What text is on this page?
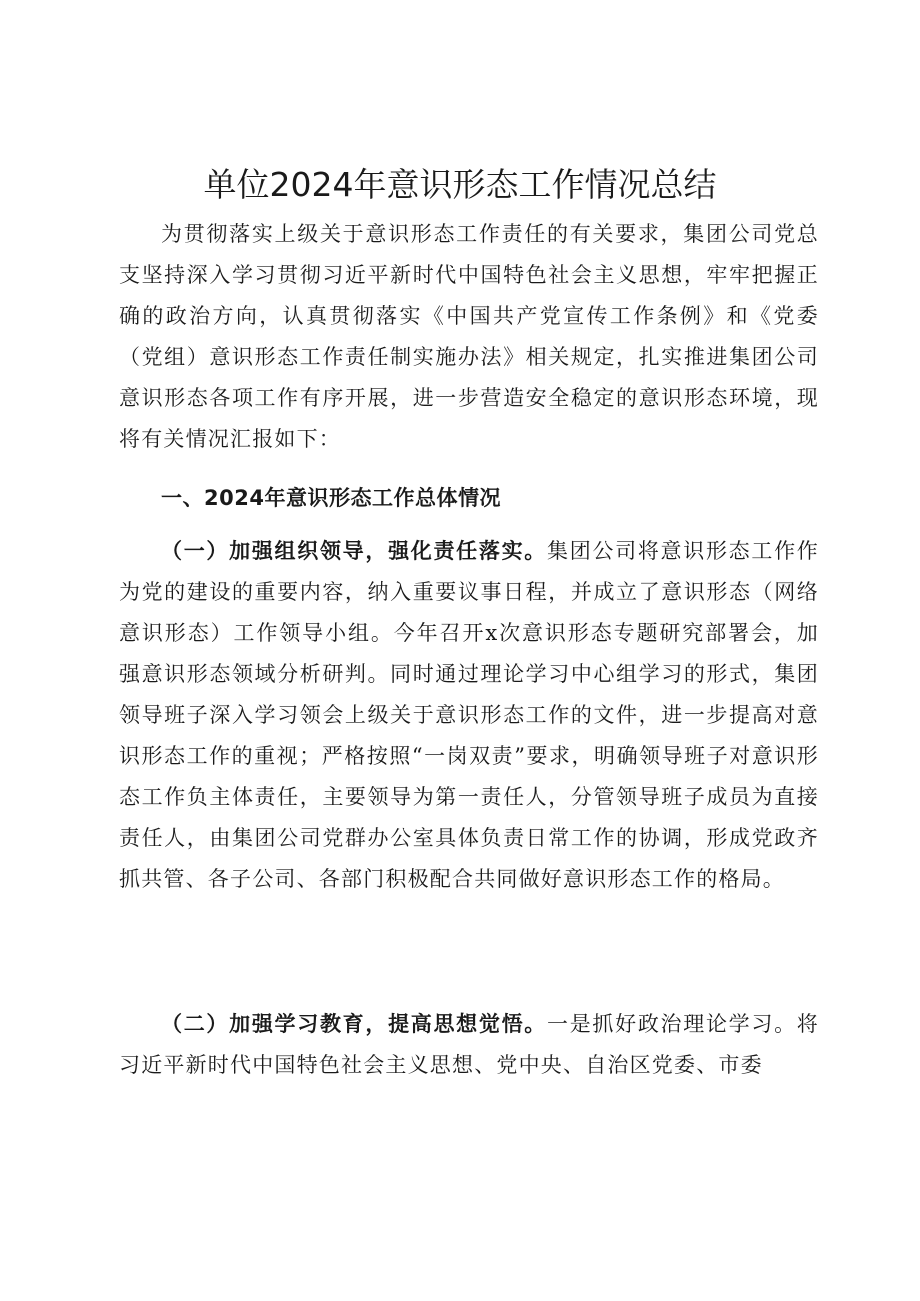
单位2024年意识形态工作情况总结

为贯彻落实上级关于意识形态工作责任的有关要求，集团公司党总支坚持深入学习贯彻习近平新时代中国特色社会主义思想，牢牢把握正确的政治方向，认真贯彻落实《中国共产党宣传工作条例》和《党委（党组）意识形态工作责任制实施办法》相关规定，扎实推进集团公司意识形态各项工作有序开展，进一步营造安全稳定的意识形态环境，现将有关情况汇报如下：

一、2024年意识形态工作总体情况

（一）加强组织领导，强化责任落实。集团公司将意识形态工作作为党的建设的重要内容，纳入重要议事日程，并成立了意识形态（网络意识形态）工作领导小组。今年召开x次意识形态专题研究部署会，加强意识形态领域分析研判。同时通过理论学习中心组学习的形式，集团领导班子深入学习领会上级关于意识形态工作的文件，进一步提高对意识形态工作的重视；严格按照“一岗双责”要求，明确领导班子对意识形态工作负主体责任，主要领导为第一责任人，分管领导班子成员为直接责任人，由集团公司党群办公室具体负责日常工作的协调，形成党政齐抓共管、各子公司、各部门积极配合共同做好意识形态工作的格局。

（二）加强学习教育，提高思想觉悟。一是抓好政治理论学习。将习近平新时代中国特色社会主义思想、党中央、自治区党委、市委
